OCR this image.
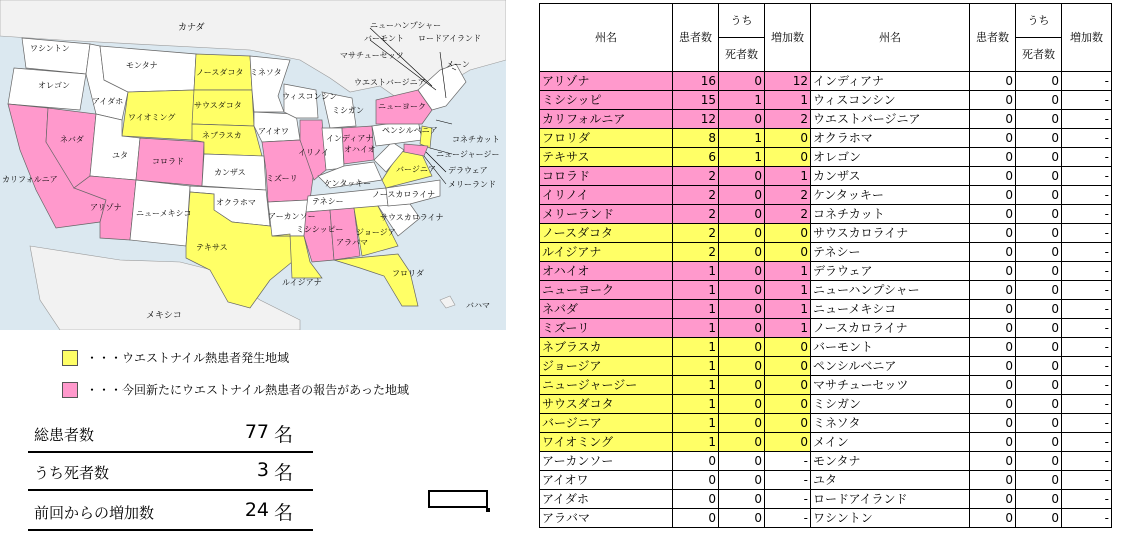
カナダ
ワシントン
モンタナ
ノースダコタ ミネソタ
オレゴン
アイダホ	サウスダコタ
ワイオミング
ウィスコンシン
ミシガン
ネブラスカ アイオワ
イリノイ
インディアナ
オハイオ
ネバダ
ユタ
コロラド
カンザス
ミズーリ
ケンタッキー
カリフォルニア
アリゾナ
ニューメキシコ
オクラホマ
アーカンソー
テネシー
テキサス
ミシシッピー
アラバマ
ジョージア
ルイジアナ
フロリダ
メキシコ
バハマ
ニューハンプシャー
バーモント ロードアイランド
マサチューセッツ
メーン
ウエストバージニア
ニューヨーク
ペンシルベニア
コネチカット
ニュージャージー
バージニア デラウェア
メリーランド
ノースカロライナ
サウスカロライナ
・・・ウエストナイル熱患者発生地域
・・・今回新たにウエストナイル熱患者の報告があった地域
総患者数	77 名
うち死者数	3 名
前回からの増加数	24 名
州名	患者数	うち	増加数	州名	患者数	うち	増加数
		死者数				死者数	
アリゾナ	16	0	12	インディアナ	0	0	-
ミシシッピ	15	1	1	ウィスコンシン	0	0	-
カリフォルニア	12	0	2	ウエストバージニア	0	0	-
フロリダ	8	1	0	オクラホマ	0	0	-
テキサス	6	1	0	オレゴン	0	0	-
コロラド	2	0	1	カンザス	0	0	-
イリノイ	2	0	2	ケンタッキー	0	0	-
メリーランド	2	0	2	コネチカット	0	0	-
ノースダコタ	2	0	0	サウスカロライナ	0	0	-
ルイジアナ	2	0	0	テネシー	0	0	-
オハイオ	1	0	1	デラウェア	0	0	-
ニューヨーク	1	0	1	ニューハンプシャー	0	0	-
ネバダ	1	0	1	ニューメキシコ	0	0	-
ミズーリ	1	0	1	ノースカロライナ	0	0	-
ネブラスカ	1	0	0	バーモント	0	0	-
ジョージア	1	0	0	ペンシルベニア	0	0	-
ニュージャージー	1	0	0	マサチューセッツ	0	0	-
サウスダコタ	1	0	0	ミシガン	0	0	-
バージニア	1	0	0	ミネソタ	0	0	-
ワイオミング	1	0	0	メイン	0	0	-
アーカンソー	0	0	-	モンタナ	0	0	-
アイオワ	0	0	-	ユタ	0	0	-
アイダホ	0	0	-	ロードアイランド	0	0	-
アラバマ	0	0	-	ワシントン	0	0	-
